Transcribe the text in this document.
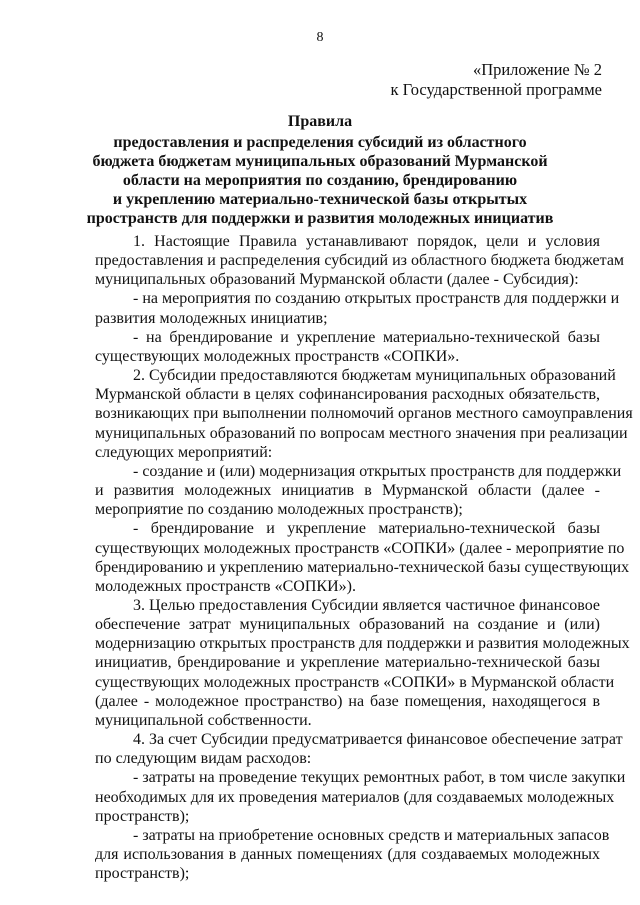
8
«Приложение № 2
к Государственной программе
Правила
предоставления и распределения субсидий из областного
бюджета бюджетам муниципальных образований Мурманской
области на мероприятия по созданию, брендированию
и укреплению материально-технической базы открытых
пространств для поддержки и развития молодежных инициатив
1. Настоящие Правила устанавливают порядок, цели и условия
предоставления и распределения субсидий из областного бюджета бюджетам
муниципальных образований Мурманской области (далее - Субсидия):
- на мероприятия по созданию открытых пространств для поддержки и
развития молодежных инициатив;
- на брендирование и укрепление материально-технической базы
существующих молодежных пространств «СОПКИ».
2. Субсидии предоставляются бюджетам муниципальных образований
Мурманской области в целях софинансирования расходных обязательств,
возникающих при выполнении полномочий органов местного самоуправления
муниципальных образований по вопросам местного значения при реализации
следующих мероприятий:
- создание и (или) модернизация открытых пространств для поддержки
и развития молодежных инициатив в Мурманской области (далее -
мероприятие по созданию молодежных пространств);
- брендирование и укрепление материально-технической базы
существующих молодежных пространств «СОПКИ» (далее - мероприятие по
брендированию и укреплению материально-технической базы существующих
молодежных пространств «СОПКИ»).
3. Целью предоставления Субсидии является частичное финансовое
обеспечение затрат муниципальных образований на создание и (или)
модернизацию открытых пространств для поддержки и развития молодежных
инициатив, брендирование и укрепление материально-технической базы
существующих молодежных пространств «СОПКИ» в Мурманской области
(далее - молодежное пространство) на базе помещения, находящегося в
муниципальной собственности.
4. За счет Субсидии предусматривается финансовое обеспечение затрат
по следующим видам расходов:
- затраты на проведение текущих ремонтных работ, в том числе закупки
необходимых для их проведения материалов (для создаваемых молодежных
пространств);
- затраты на приобретение основных средств и материальных запасов
для использования в данных помещениях (для создаваемых молодежных
пространств);
